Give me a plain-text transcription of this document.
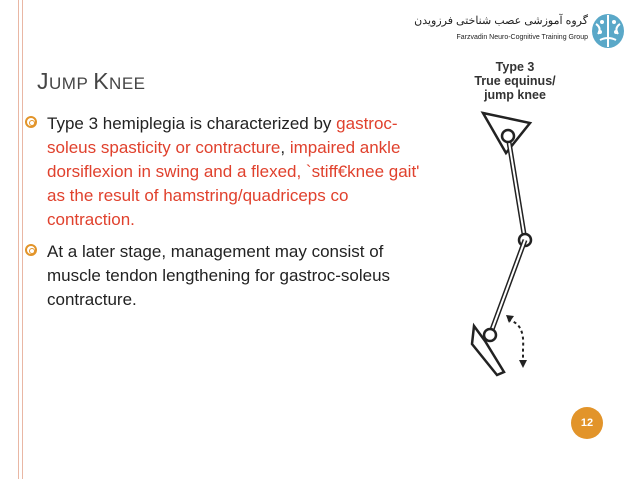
گروه آموزشی عصب شناختی فرزویدن
Farzvadin Neuro-Cognitive Training Group
JUMP KNEE
Type 3 hemiplegia is characterized by gastroc-soleus spasticity or contracture, impaired ankle dorsiflexion in swing and a flexed, `stiff€knee gait' as the result of hamstring/quadriceps co contraction.
At a later stage, management may consist of muscle tendon lengthening for gastroc-soleus contracture.
Type 3
True equinus/
jump knee
12
